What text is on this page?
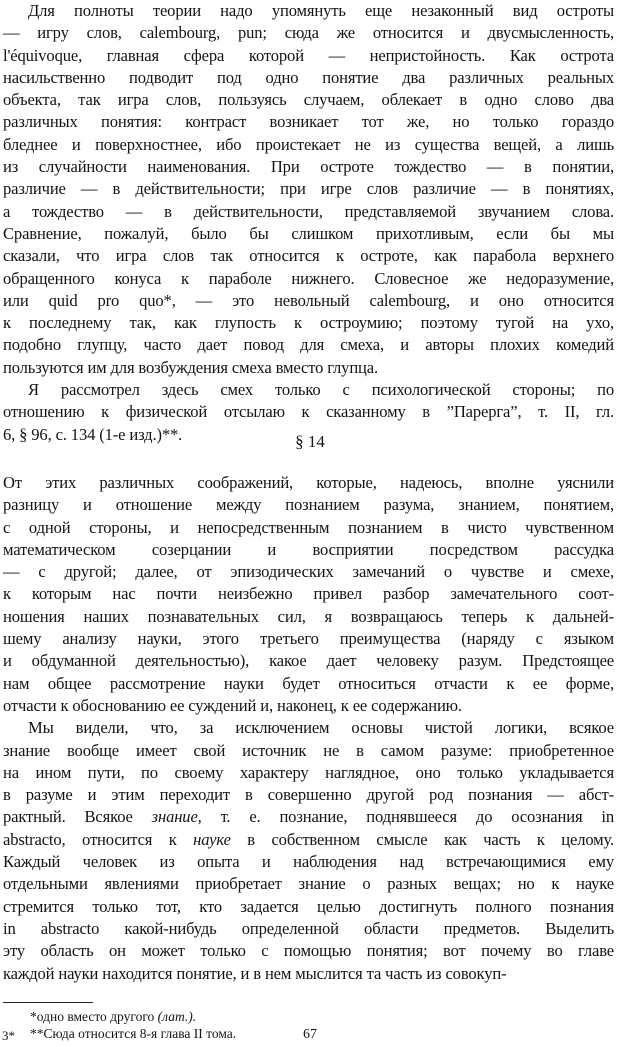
Для полноты теории надо упомянуть еще незаконный вид остроты
— игру слов, calembourg, pun; сюда же относится и двусмысленность,
l'équivoque, главная сфера которой — непристойность. Как острота
насильственно подводит под одно понятие два различных реальных
объекта, так игра слов, пользуясь случаем, облекает в одно слово два
различных понятия: контраст возникает тот же, но только гораздо
бледнее и поверхностнее, ибо проистекает не из существа вещей, а лишь
из случайности наименования. При остроте тождество — в понятии,
различие — в действительности; при игре слов различие — в понятиях,
а тождество — в действительности, представляемой звучанием слова.
Сравнение, пожалуй, было бы слишком прихотливым, если бы мы
сказали, что игра слов так относится к остроте, как парабола верхнего
обращенного конуса к параболе нижнего. Словесное же недоразумение,
или quid pro quo*, — это невольный calembourg, и оно относится
к последнему так, как глупость к остроумию; поэтому тугой на ухо,
подобно глупцу, часто дает повод для смеха, и авторы плохих комедий
пользуются им для возбуждения смеха вместо глупца.
Я рассмотрел здесь смех только с психологической стороны; по
отношению к физической отсылаю к сказанному в ”Парерга”, т. II, гл.
6, § 96, с. 134 (1-е изд.)**.	§ 14
От этих различных соображений, которые, надеюсь, вполне уяснили
разницу и отношение между познанием разума, знанием, понятием,
с одной стороны, и непосредственным познанием в чисто чувственном
математическом созерцании и восприятии посредством рассудка
— с другой; далее, от эпизодических замечаний о чувстве и смехе,
к которым нас почти неизбежно привел разбор замечательного соот-
ношения наших познавательных сил, я возвращаюсь теперь к дальней-
шему анализу науки, этого третьего преимущества (наряду с языком
и обдуманной деятельностью), какое дает человеку разум. Предстоящее
нам общее рассмотрение науки будет относиться отчасти к ее форме,
отчасти к обоснованию ее суждений и, наконец, к ее содержанию.
Мы видели, что, за исключением основы чистой логики, всякое
знание вообще имеет свой источник не в самом разуме: приобретенное
на ином пути, по своему характеру наглядное, оно только укладывается
в разуме и этим переходит в совершенно другой род познания — абст-
рактный. Всякое знание, т. е. познание, поднявшееся до осознания in
abstracto, относится к науке в собственном смысле как часть к целому.
Каждый человек из опыта и наблюдения над встречающимися ему
отдельными явлениями приобретает знание о разных вещах; но к науке
стремится только тот, кто задается целью достигнуть полного познания
in abstracto какой-нибудь определенной области предметов. Выделить
эту область он может только с помощью понятия; вот почему во главе
каждой науки находится понятие, и в нем мыслится та часть из совокуп-
*одно вместо другого (лат.).
**Сюда относится 8-я глава II тома.
3*	67
